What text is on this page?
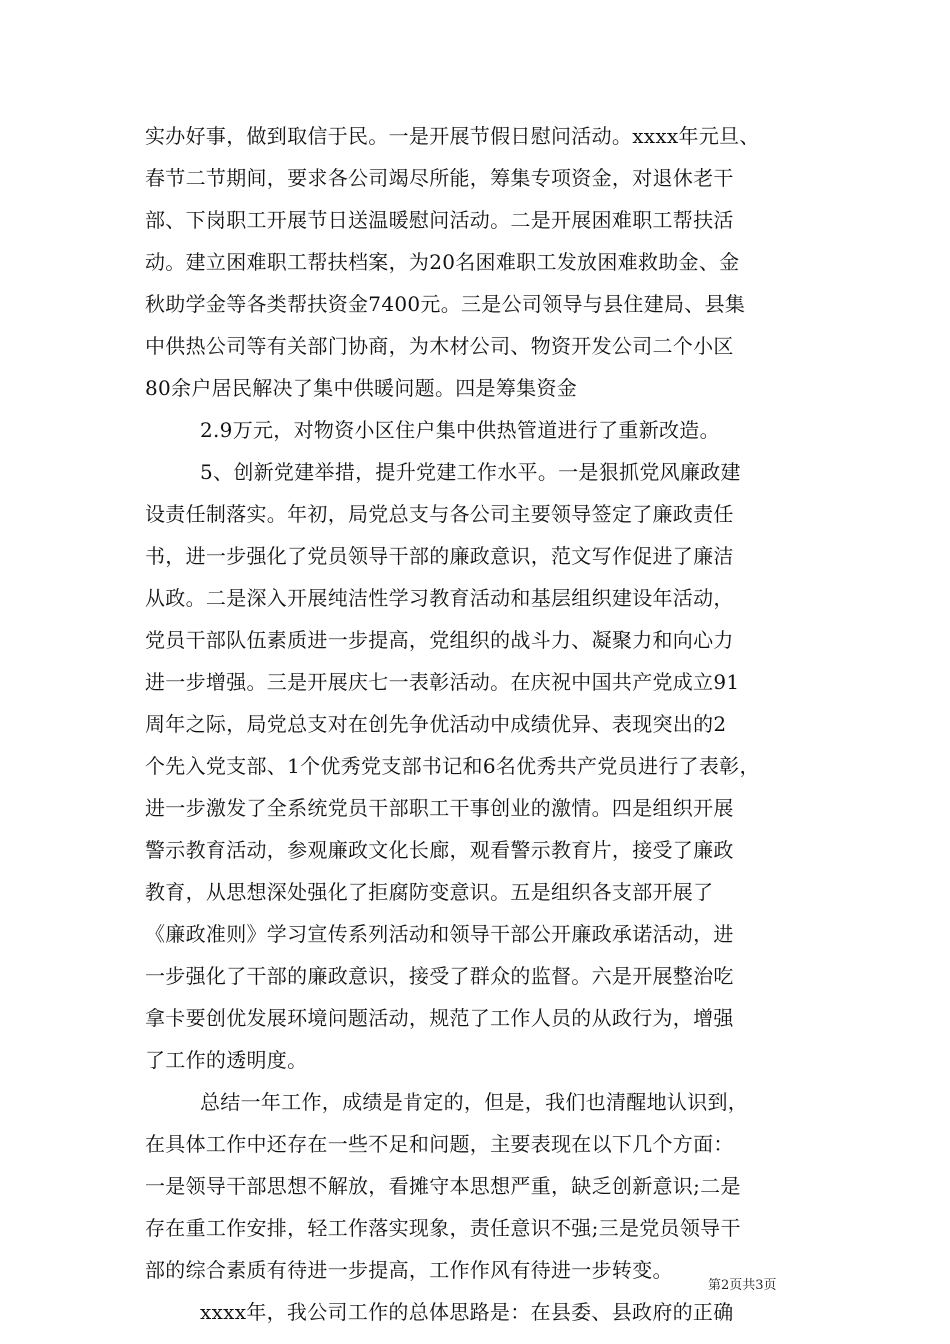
实办好事，做到取信于民。一是开展节假日慰问活动。xxxx年元旦、
春节二节期间，要求各公司竭尽所能，筹集专项资金，对退休老干
部、下岗职工开展节日送温暖慰问活动。二是开展困难职工帮扶活
动。建立困难职工帮扶档案，为20名困难职工发放困难救助金、金
秋助学金等各类帮扶资金7400元。三是公司领导与县住建局、县集
中供热公司等有关部门协商，为木材公司、物资开发公司二个小区
80余户居民解决了集中供暖问题。四是筹集资金
2.9万元，对物资小区住户集中供热管道进行了重新改造。
5、创新党建举措，提升党建工作水平。一是狠抓党风廉政建
设责任制落实。年初，局党总支与各公司主要领导签定了廉政责任
书，进一步强化了党员领导干部的廉政意识，范文写作促进了廉洁
从政。二是深入开展纯洁性学习教育活动和基层组织建设年活动，
党员干部队伍素质进一步提高，党组织的战斗力、凝聚力和向心力
进一步增强。三是开展庆七一表彰活动。在庆祝中国共产党成立91
周年之际，局党总支对在创先争优活动中成绩优异、表现突出的2
个先入党支部、1个优秀党支部书记和6名优秀共产党员进行了表彰，
进一步激发了全系统党员干部职工干事创业的激情。四是组织开展
警示教育活动，参观廉政文化长廊，观看警示教育片，接受了廉政
教育，从思想深处强化了拒腐防变意识。五是组织各支部开展了
《廉政准则》学习宣传系列活动和领导干部公开廉政承诺活动，进
一步强化了干部的廉政意识，接受了群众的监督。六是开展整治吃
拿卡要创优发展环境问题活动，规范了工作人员的从政行为，增强
了工作的透明度。
总结一年工作，成绩是肯定的，但是，我们也清醒地认识到，
在具体工作中还存在一些不足和问题，主要表现在以下几个方面：
一是领导干部思想不解放，看摊守本思想严重，缺乏创新意识;二是
存在重工作安排，轻工作落实现象，责任意识不强;三是党员领导干
部的综合素质有待进一步提高，工作作风有待进一步转变。
xxxx年，我公司工作的总体思路是：在县委、县政府的正确
第2页共3页
